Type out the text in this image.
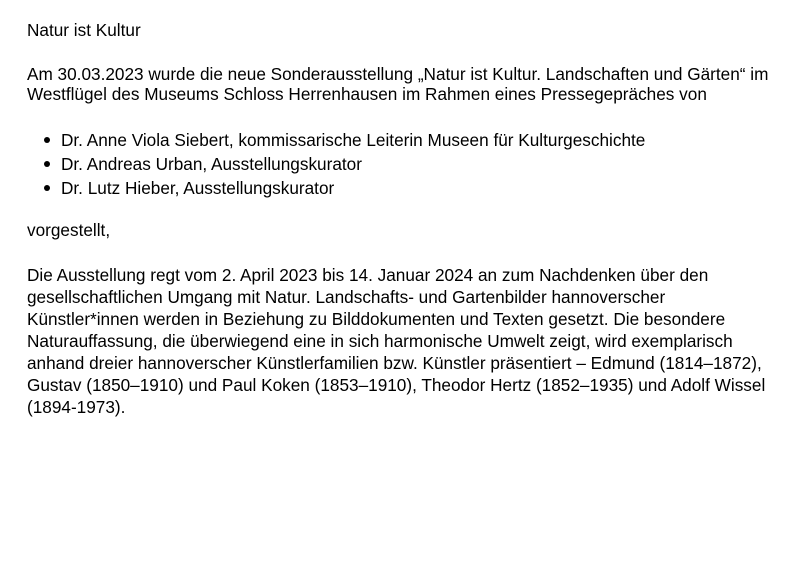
Natur ist Kultur

Am 30.03.2023 wurde die neue Sonderausstellung „Natur ist Kultur. Landschaften und Gärten“ im Westflügel des Museums Schloss Herrenhausen im Rahmen eines Pressegepräches von

Dr. Anne Viola Siebert, kommissarische Leiterin Museen für Kulturgeschichte
Dr. Andreas Urban, Ausstellungskurator
Dr. Lutz Hieber, Ausstellungskurator

vorgestellt,

Die Ausstellung regt vom 2. April 2023 bis 14. Januar 2024 an zum Nachdenken über den gesellschaftlichen Umgang mit Natur. Landschafts- und Gartenbilder hannoverscher Künstler*innen werden in Beziehung zu Bilddokumenten und Texten gesetzt. Die besondere Naturauffassung, die überwiegend eine in sich harmonische Umwelt zeigt, wird exemplarisch anhand dreier hannoverscher Künstlerfamilien bzw. Künstler präsentiert – Edmund (1814–1872), Gustav (1850–1910) und Paul Koken (1853–1910), Theodor Hertz (1852–1935) und Adolf Wissel (1894-1973).
